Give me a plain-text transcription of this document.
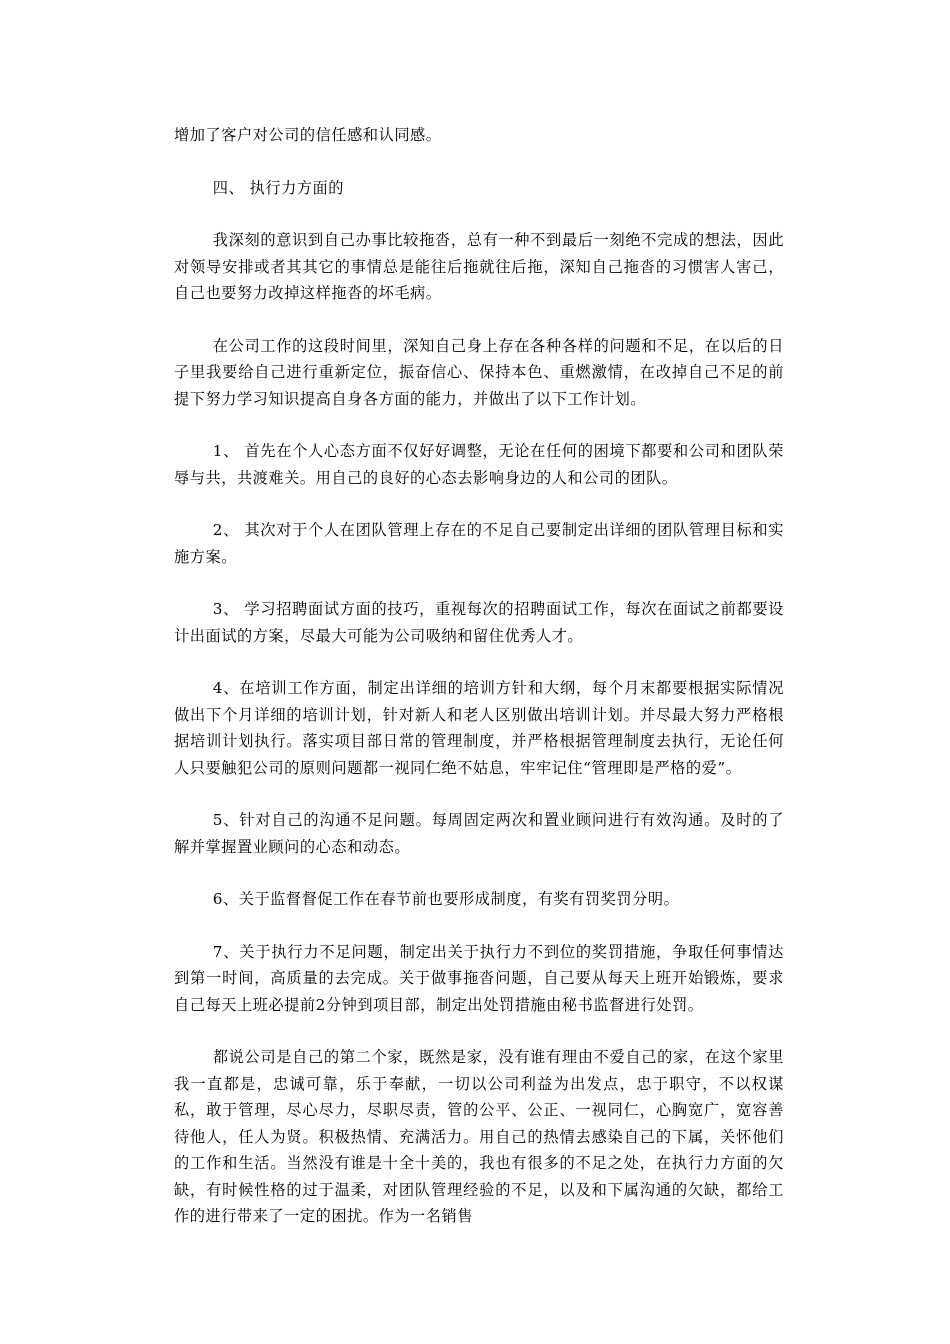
增加了客户对公司的信任感和认同感。

四、 执行力方面的

我深刻的意识到自己办事比较拖沓，总有一种不到最后一刻绝不完成的想法，因此对领导安排或者其其它的事情总是能往后拖就往后拖，深知自己拖沓的习惯害人害己，自己也要努力改掉这样拖沓的坏毛病。

在公司工作的这段时间里，深知自己身上存在各种各样的问题和不足，在以后的日子里我要给自己进行重新定位，振奋信心、保持本色、重燃激情，在改掉自己不足的前提下努力学习知识提高自身各方面的能力，并做出了以下工作计划。

1、 首先在个人心态方面不仅好好调整，无论在任何的困境下都要和公司和团队荣辱与共，共渡难关。用自己的良好的心态去影响身边的人和公司的团队。

2、 其次对于个人在团队管理上存在的不足自己要制定出详细的团队管理目标和实施方案。

3、 学习招聘面试方面的技巧，重视每次的招聘面试工作，每次在面试之前都要设计出面试的方案，尽最大可能为公司吸纳和留住优秀人才。

4、在培训工作方面，制定出详细的培训方针和大纲，每个月末都要根据实际情况做出下个月详细的培训计划，针对新人和老人区别做出培训计划。并尽最大努力严格根据培训计划执行。落实项目部日常的管理制度，并严格根据管理制度去执行，无论任何人只要触犯公司的原则问题都一视同仁绝不姑息，牢牢记住“管理即是严格的爱”。

5、针对自己的沟通不足问题。每周固定两次和置业顾问进行有效沟通。及时的了解并掌握置业顾问的心态和动态。

6、关于监督督促工作在春节前也要形成制度，有奖有罚奖罚分明。

7、关于执行力不足问题，制定出关于执行力不到位的奖罚措施，争取任何事情达到第一时间，高质量的去完成。关于做事拖沓问题，自己要从每天上班开始锻炼，要求自己每天上班必提前2分钟到项目部，制定出处罚措施由秘书监督进行处罚。

都说公司是自己的第二个家，既然是家，没有谁有理由不爱自己的家，在这个家里我一直都是，忠诚可靠，乐于奉献，一切以公司利益为出发点，忠于职守，不以权谋私，敢于管理，尽心尽力，尽职尽责，管的公平、公正、一视同仁，心胸宽广，宽容善待他人，任人为贤。积极热情、充满活力。用自己的热情去感染自己的下属，关怀他们的工作和生活。当然没有谁是十全十美的，我也有很多的不足之处，在执行力方面的欠缺，有时候性格的过于温柔，对团队管理经验的不足，以及和下属沟通的欠缺，都给工作的进行带来了一定的困扰。作为一名销售
